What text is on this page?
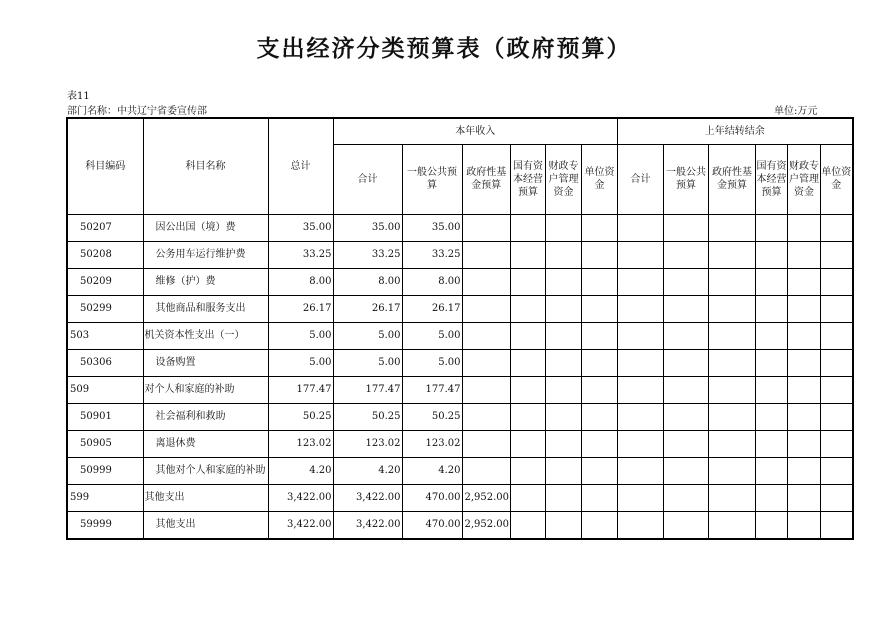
支出经济分类预算表（政府预算）
表11
部门名称：中共辽宁省委宣传部	单位:万元
科目编码	科目名称	总计	本年收入						上年结转结余					
			合计	一般公共预算	政府性基金预算	国有资本经营预算	财政专户管理资金	单位资金	合计	一般公共预算	政府性基金预算	国有资本经营预算	财政专户管理资金	单位资金
50207	因公出国（境）费	35.00	35.00	35.00										
50208	公务用车运行维护费	33.25	33.25	33.25										
50209	维修（护）费	8.00	8.00	8.00										
50299	其他商品和服务支出	26.17	26.17	26.17										
503	机关资本性支出（一）	5.00	5.00	5.00										
50306	设备购置	5.00	5.00	5.00										
509	对个人和家庭的补助	177.47	177.47	177.47										
50901	社会福利和救助	50.25	50.25	50.25										
50905	离退休费	123.02	123.02	123.02										
50999	其他对个人和家庭的补助	4.20	4.20	4.20										
599	其他支出	3,422.00	3,422.00	470.00	2,952.00									
59999	其他支出	3,422.00	3,422.00	470.00	2,952.00									
